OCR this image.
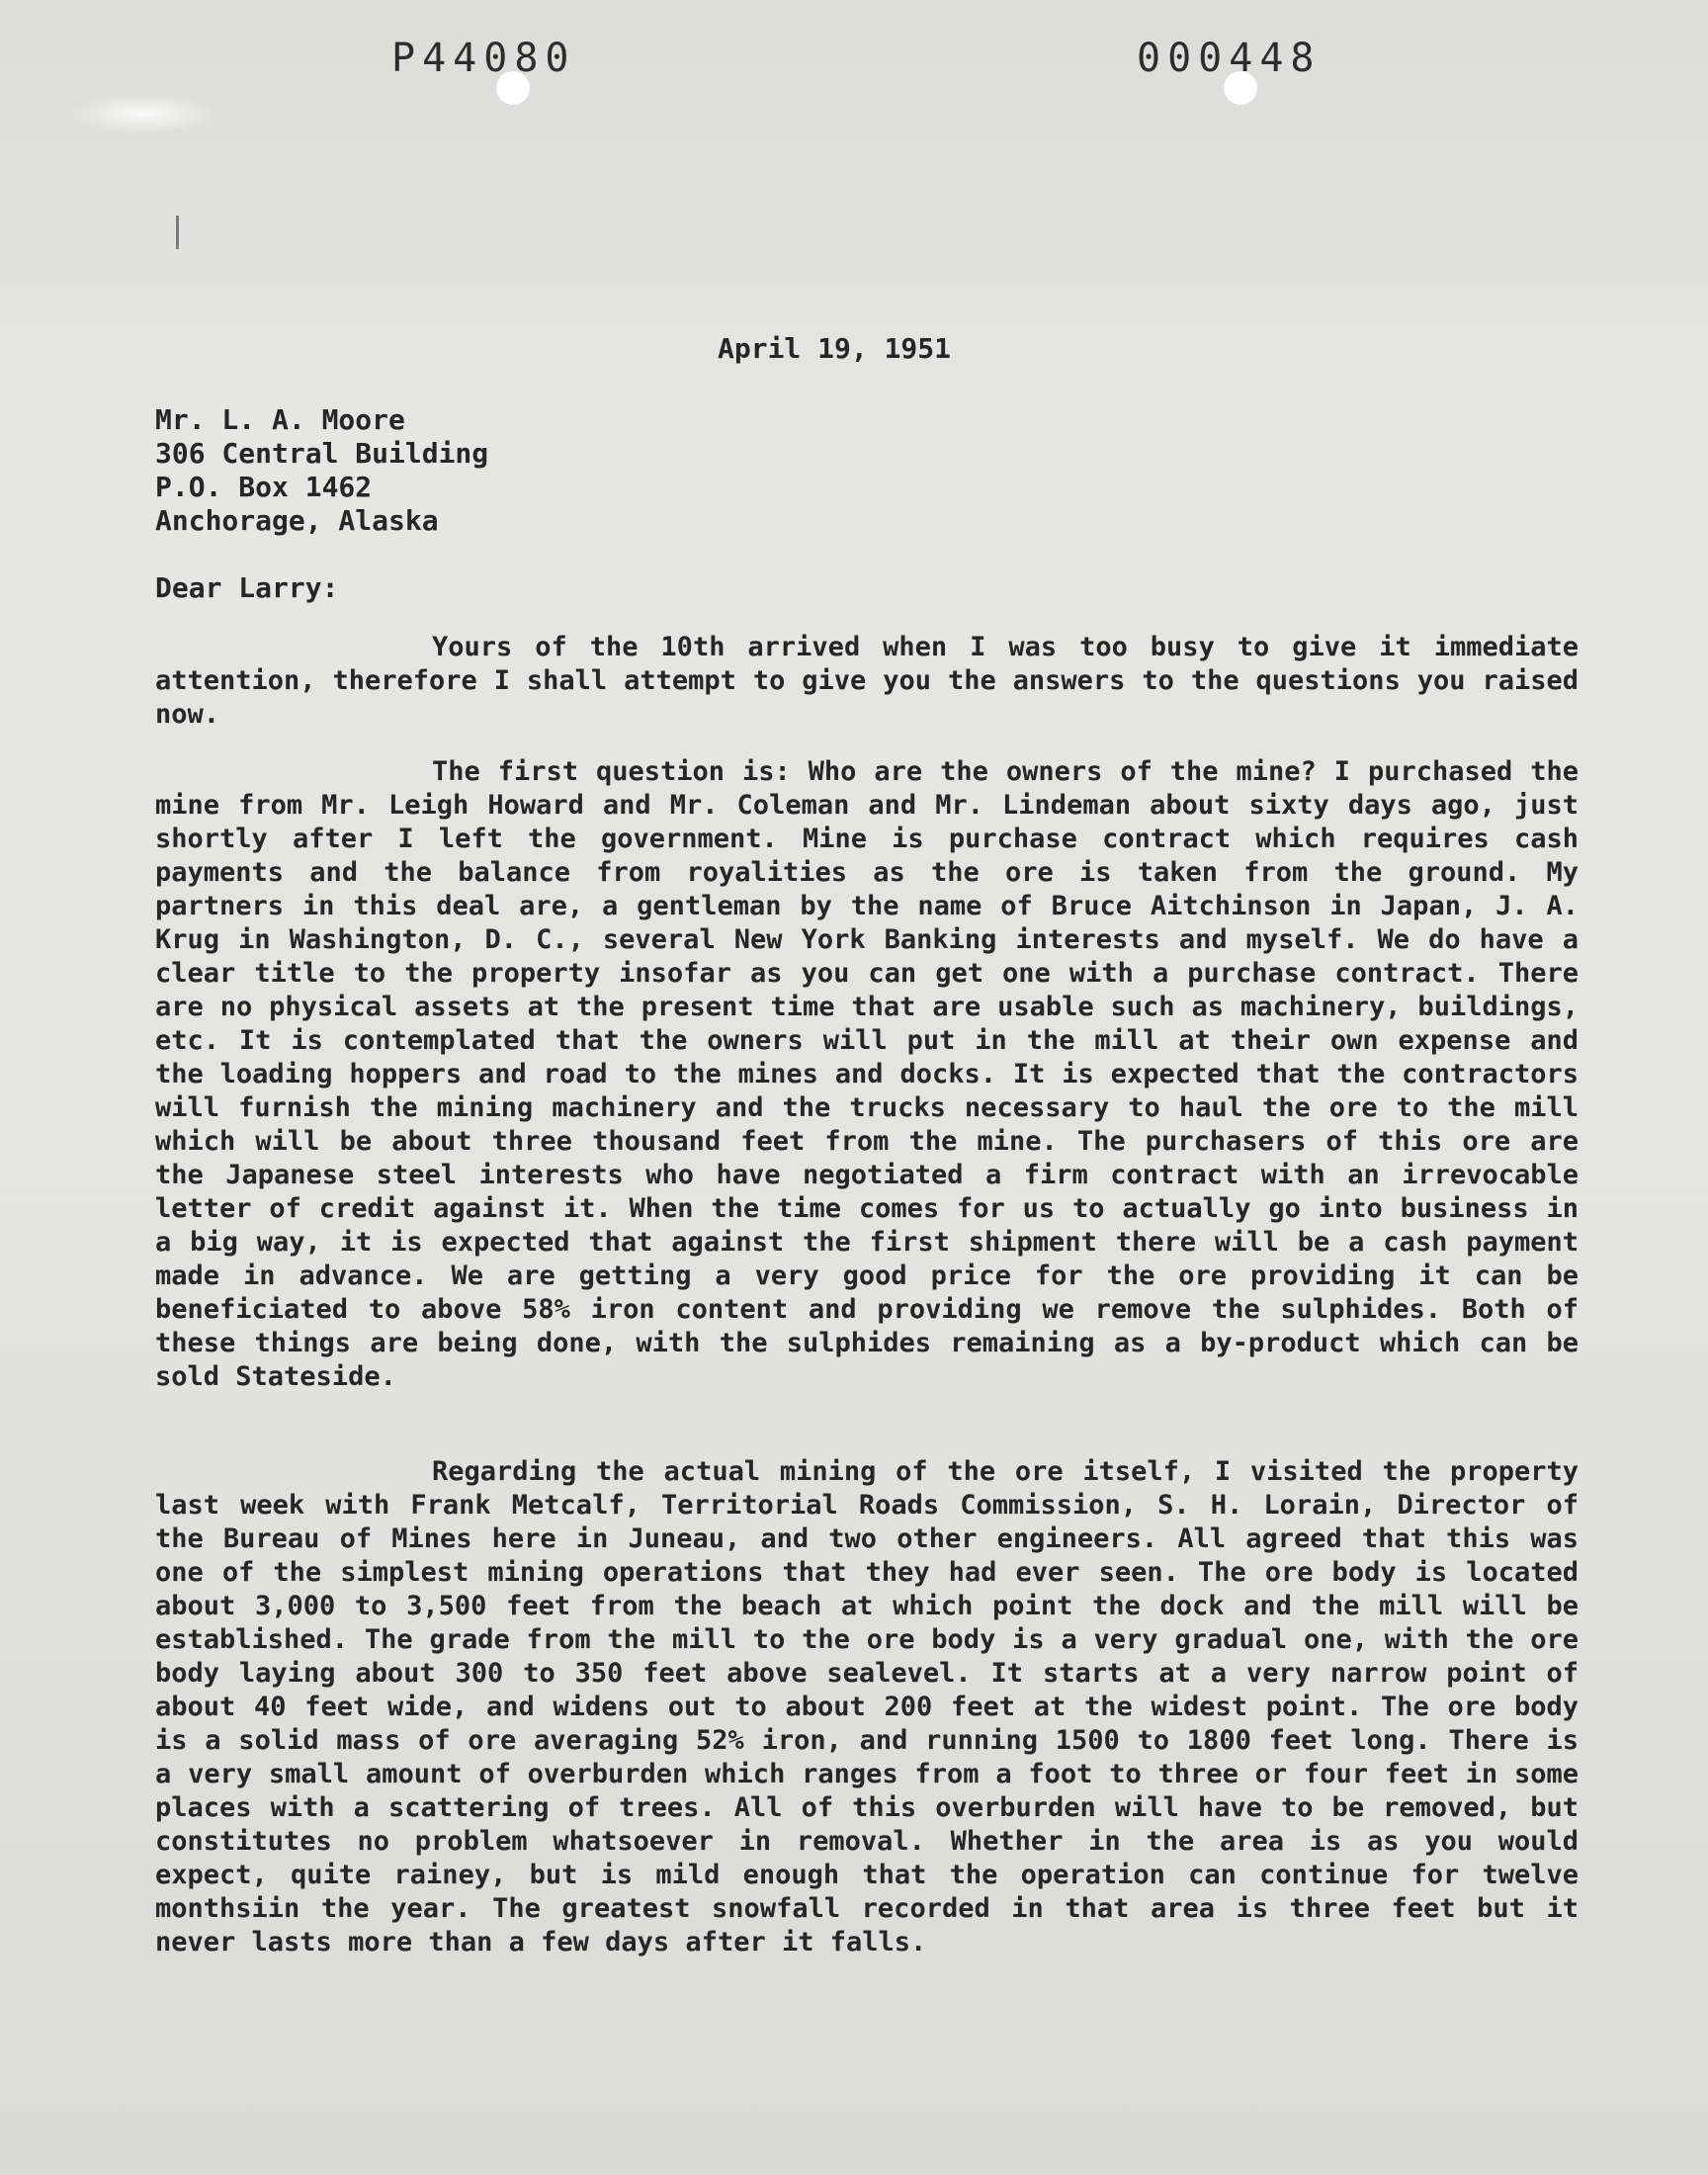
P44080	000448
April 19, 1951
Mr. L. A. Moore
306 Central Building
P.O. Box 1462
Anchorage, Alaska
Dear Larry:

Yours of the 10th arrived when I was too busy to give it immediate attention, therefore I shall attempt to give you the answers to the questions you raised now.

The first question is: Who are the owners of the mine? I purchased the mine from Mr. Leigh Howard and Mr. Coleman and Mr. Lindeman about sixty days ago, just shortly after I left the government. Mine is purchase contract which requires cash payments and the balance from royalities as the ore is taken from the ground. My partners in this deal are, a gentleman by the name of Bruce Aitchinson in Japan, J. A. Krug in Washington, D. C., several New York Banking interests and myself. We do have a clear title to the property insofar as you can get one with a purchase contract. There are no physical assets at the present time that are usable such as machinery, buildings, etc. It is contemplated that the owners will put in the mill at their own expense and the loading hoppers and road to the mines and docks. It is expected that the contractors will furnish the mining machinery and the trucks necessary to haul the ore to the mill which will be about three thousand feet from the mine. The purchasers of this ore are the Japanese steel interests who have negotiated a firm contract with an irrevocable letter of credit against it. When the time comes for us to actually go into business in a big way, it is expected that against the first shipment there will be a cash payment made in advance. We are getting a very good price for the ore providing it can be beneficiated to above 58% iron content and providing we remove the sulphides. Both of these things are being done, with the sulphides remaining as a by-product which can be sold Stateside.

Regarding the actual mining of the ore itself, I visited the property last week with Frank Metcalf, Territorial Roads Commission, S. H. Lorain, Director of the Bureau of Mines here in Juneau, and two other engineers. All agreed that this was one of the simplest mining operations that they had ever seen. The ore body is located about 3,000 to 3,500 feet from the beach at which point the dock and the mill will be established. The grade from the mill to the ore body is a very gradual one, with the ore body laying about 300 to 350 feet above sealevel. It starts at a very narrow point of about 40 feet wide, and widens out to about 200 feet at the widest point. The ore body is a solid mass of ore averaging 52% iron, and running 1500 to 1800 feet long. There is a very small amount of overburden which ranges from a foot to three or four feet in some places with a scattering of trees. All of this overburden will have to be removed, but constitutes no problem whatsoever in removal. Whether in the area is as you would expect, quite rainey, but is mild enough that the operation can continue for twelve monthsiin the year. The greatest snowfall recorded in that area is three feet but it never lasts more than a few days after it falls.
